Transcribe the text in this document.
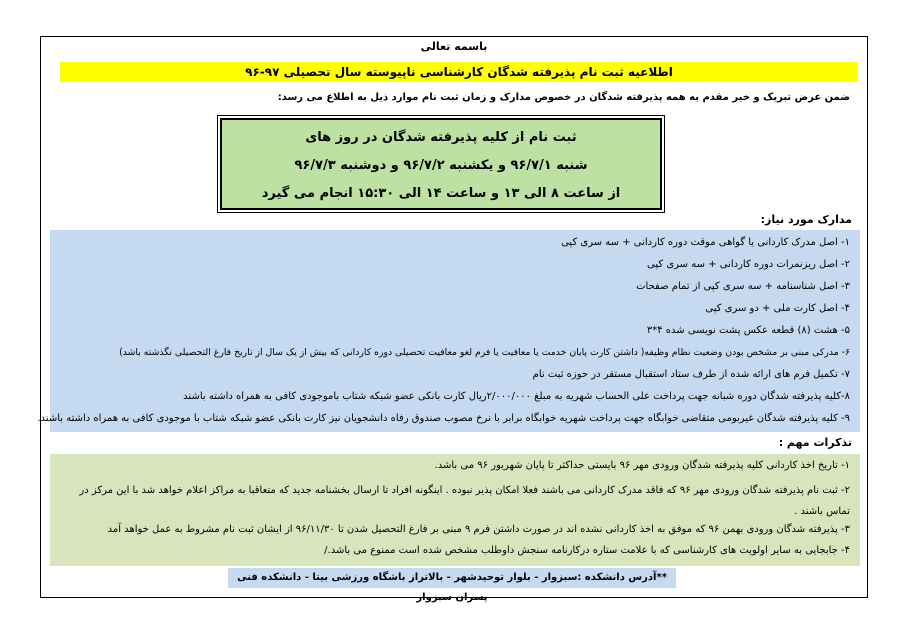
باسمه تعالی
اطلاعیه ثبت نام پذیرفته شدگان کارشناسی ناپیوسته سال تحصیلی ۹۷-۹۶
ضمن عرض تبریک و خیر مقدم به همه پذیرفته شدگان در خصوص مدارک و زمان ثبت نام موارد ذیل به اطلاع می رسد:
ثبت نام از کلیه پذیرفته شدگان در روز های
شنبه ۹۶/۷/۱ و یکشنبه ۹۶/۷/۲ و دوشنبه ۹۶/۷/۳
از ساعت ۸ الی ۱۳ و ساعت ۱۴ الی ۱۵:۳۰ انجام می گیرد
مدارک مورد نیاز:
۱- اصل مدرک کاردانی یا گواهی موقت دوره کاردانی + سه سری کپی
۲- اصل ریزنمرات دوره کاردانی + سه سری کپی
۳- اصل شناسنامه + سه سری کپی از تمام صفحات
۴- اصل کارت ملی + دو سری کپی
۵- هشت (۸) قطعه عکس پشت نویسی شده ۴*۳
۶- مدرکی مبنی بر مشخص بودن وضعیت نظام وظیفه( داشتن کارت پایان خدمت یا معافیت یا فرم لغو معافیت تحصیلی دوره کاردانی که بیش از یک سال از تاریخ فارغ التحصیلی نگذشته باشد)
۷- تکمیل فرم های ارائه شده از طرف ستاد استقبال مستقر در حوزه ثبت نام
۸-کلیه پذیرفته شدگان دوره شبانه جهت پرداخت علی الحساب شهریه به مبلغ ۲/۰۰۰/۰۰۰ریال کارت بانکی عضو شبکه شتاب باموجودی کافی به همراه داشته باشند
۹- کلیه پذیرفته شدگان غیربومی متقاضی خوابگاه جهت پرداخت شهریه خوابگاه برابر با نرخ مصوب صندوق رفاه دانشجویان نیز کارت بانکی عضو شبکه شتاب با موجودی کافی به همراه داشته باشند.
تذکرات مهم :
۱- تاریخ اخذ کاردانی کلیه پذیرفته شدگان ورودی مهر ۹۶ بایستی حداکثر تا پایان شهریور ۹۶ می باشد.
۲- ثبت نام پذیرفته شدگان ورودی مهر ۹۶ که فاقد مدرک کاردانی می باشند فعلا امکان پذیر نبوده . اینگونه افراد تا ارسال بخشنامه جدید که متعاقبا به مراکز اعلام خواهد شد با این مرکز در تماس باشند .
۳- پذیرفته شدگان ورودی بهمن ۹۶ که موفق به اخذ کاردانی نشده اند در صورت داشتن فرم ۹ مبنی بر فارغ التحصیل شدن تا ۹۶/۱۱/۳۰ از ایشان ثبت نام مشروط به عمل خواهد آمد
۴- جابجایی به سایر اولویت های کارشناسی که با علامت ستاره درکارنامه سنجش داوطلب مشخص شده است ممنوع می باشد./
**آدرس دانشکده :سبزوار - بلوار توحیدشهر - بالاتراز باشگاه ورزشی بیتا - دانشکده فنی پسران سبزوار
